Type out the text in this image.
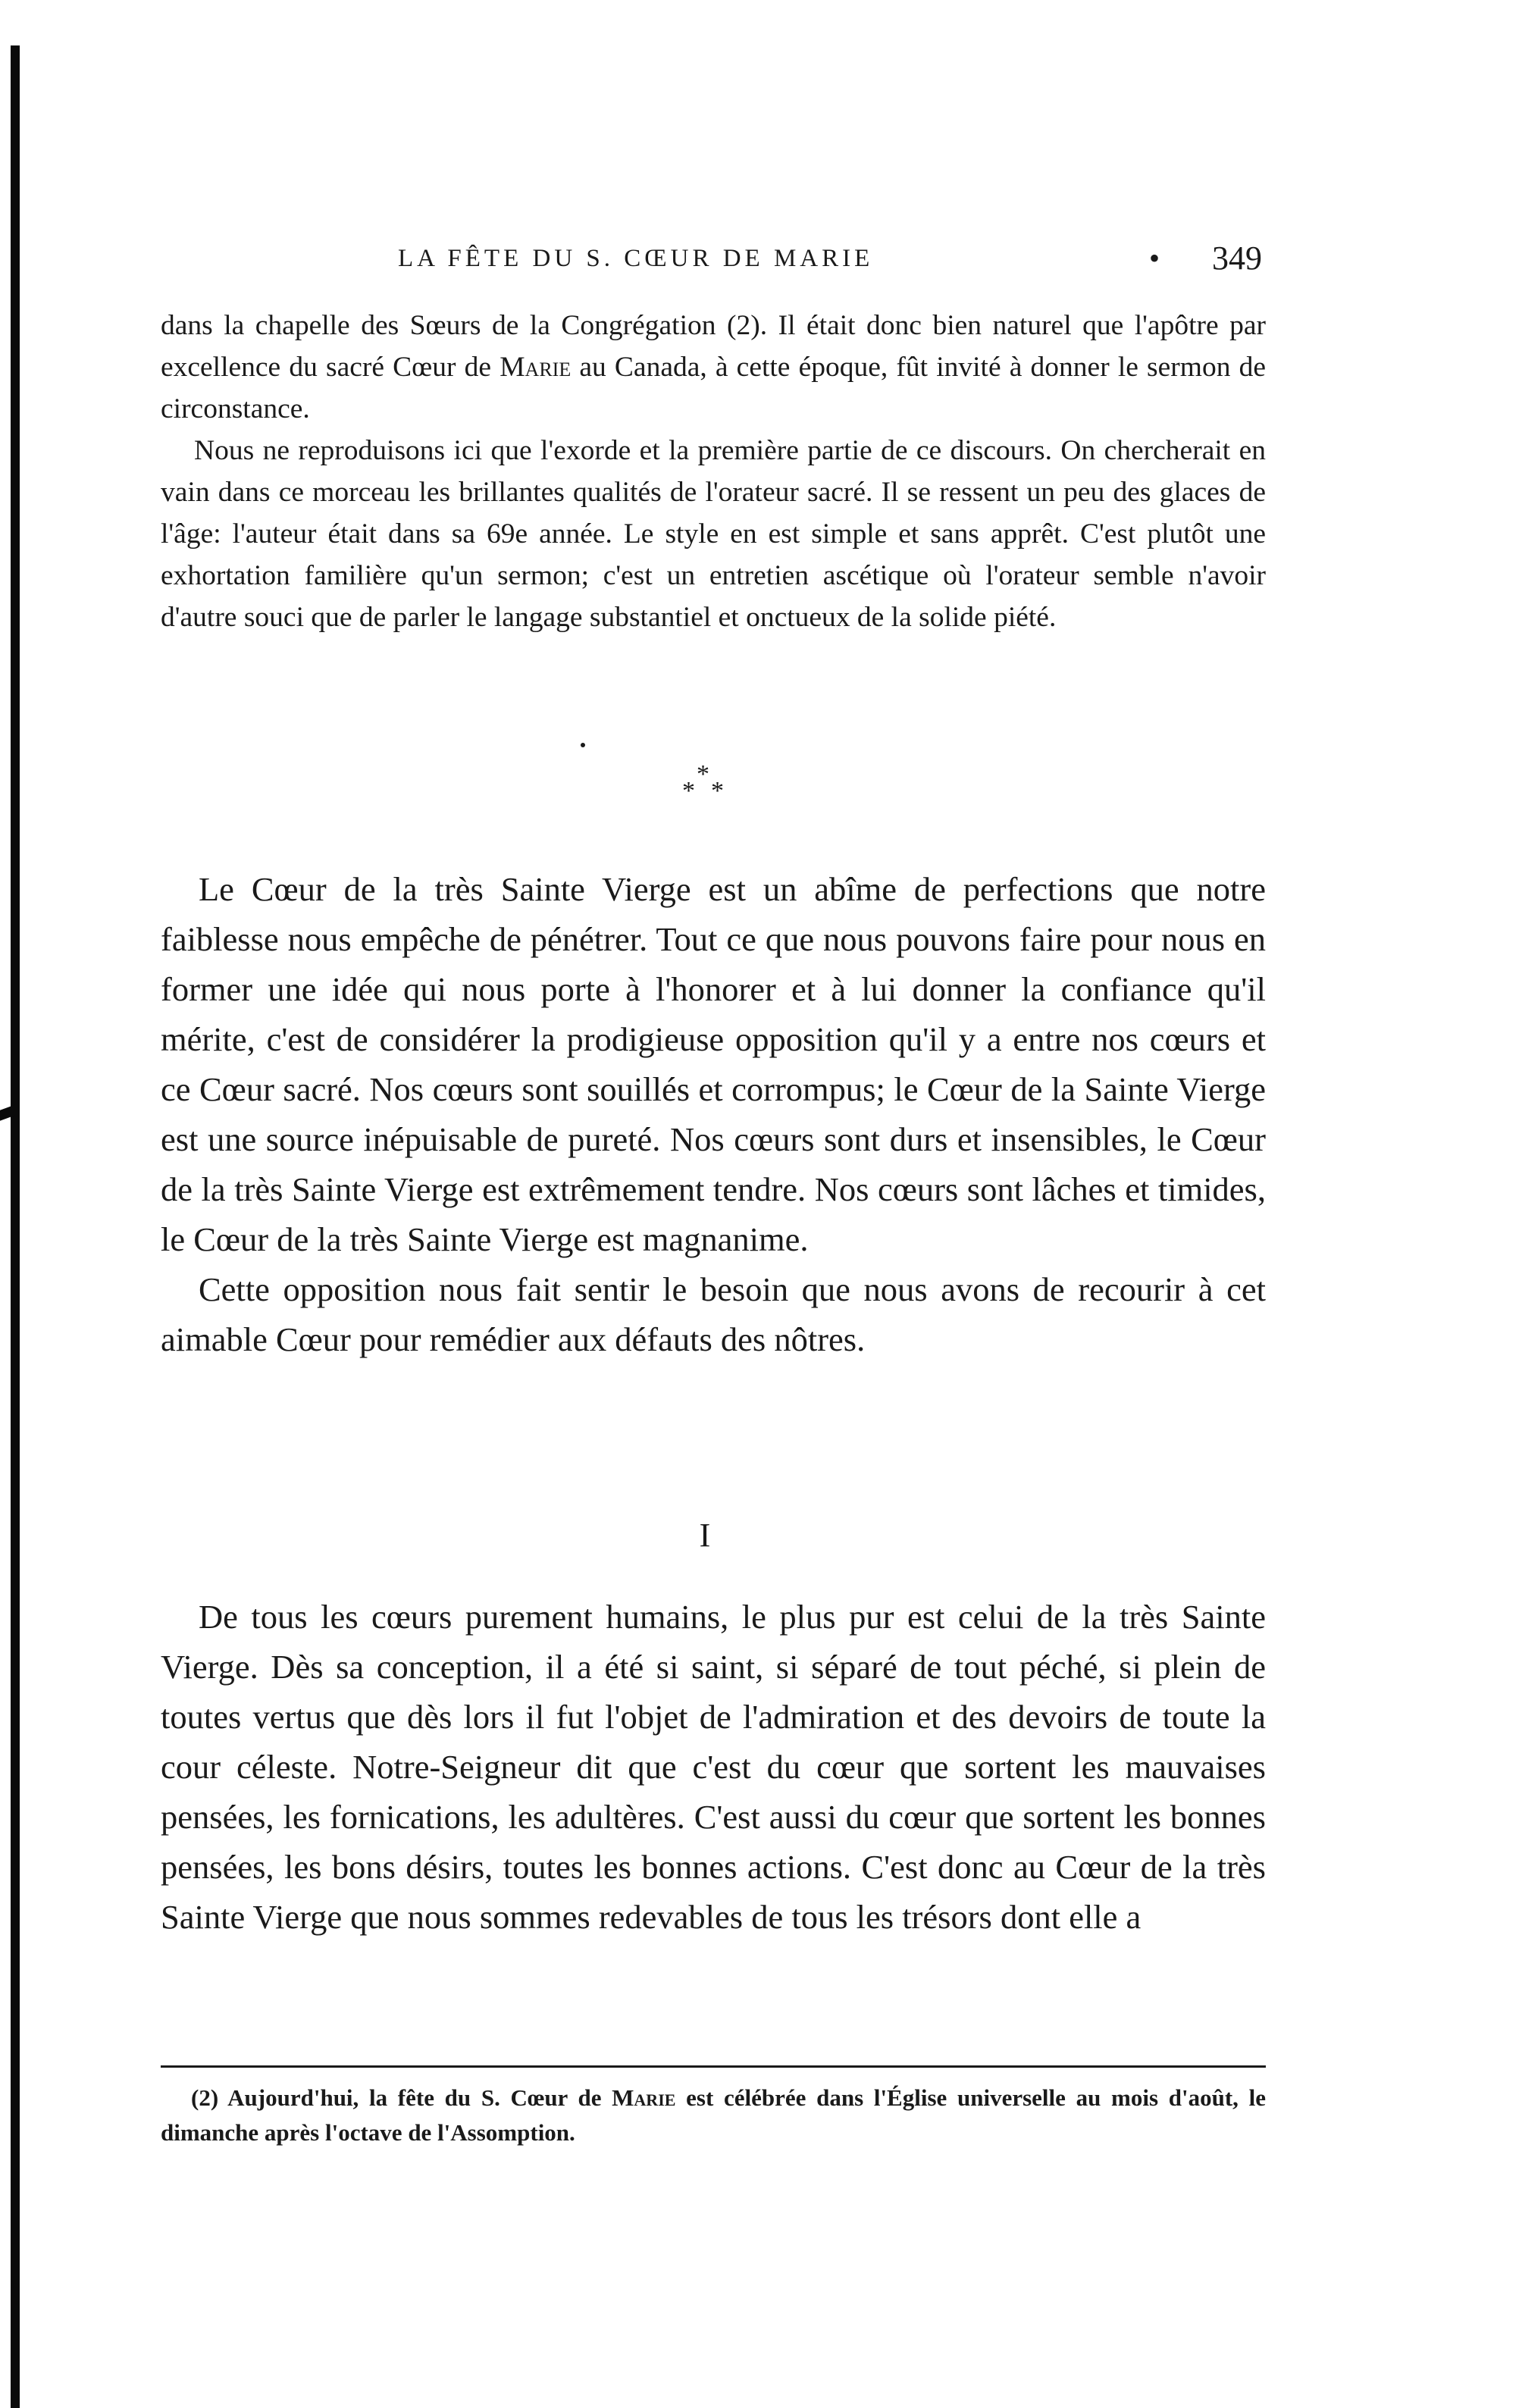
LA FÊTE DU S. CŒUR DE MARIE	• 349

dans la chapelle des Sœurs de la Congrégation (2). Il était donc bien naturel que l'apôtre par excellence du sacré Cœur de Marie au Canada, à cette époque, fût invité à donner le sermon de circonstance.

Nous ne reproduisons ici que l'exorde et la première partie de ce discours. On chercherait en vain dans ce morceau les brillantes qualités de l'orateur sacré. Il se ressent un peu des glaces de l'âge: l'auteur était dans sa 69e année. Le style en est simple et sans apprêt. C'est plutôt une exhortation familière qu'un sermon; c'est un entretien ascétique où l'orateur semble n'avoir d'autre souci que de parler le langage substantiel et onctueux de la solide piété.

*
* *

Le Cœur de la très Sainte Vierge est un abîme de perfections que notre faiblesse nous empêche de pénétrer. Tout ce que nous pouvons faire pour nous en former une idée qui nous porte à l'honorer et à lui donner la confiance qu'il mérite, c'est de considérer la prodigieuse opposition qu'il y a entre nos cœurs et ce Cœur sacré. Nos cœurs sont souillés et corrompus; le Cœur de la Sainte Vierge est une source inépuisable de pureté. Nos cœurs sont durs et insensibles, le Cœur de la très Sainte Vierge est extrêmement tendre. Nos cœurs sont lâches et timides, le Cœur de la très Sainte Vierge est magnanime.

Cette opposition nous fait sentir le besoin que nous avons de recourir à cet aimable Cœur pour remédier aux défauts des nôtres.

I

De tous les cœurs purement humains, le plus pur est celui de la très Sainte Vierge. Dès sa conception, il a été si saint, si séparé de tout péché, si plein de toutes vertus que dès lors il fut l'objet de l'admiration et des devoirs de toute la cour céleste. Notre-Seigneur dit que c'est du cœur que sortent les mauvaises pensées, les fornications, les adultères. C'est aussi du cœur que sortent les bonnes pensées, les bons désirs, toutes les bonnes actions. C'est donc au Cœur de la très Sainte Vierge que nous sommes redevables de tous les trésors dont elle a

(2) Aujourd'hui, la fête du S. Cœur de Marie est célébrée dans l'Église universelle au mois d'août, le dimanche après l'octave de l'Assomption.
